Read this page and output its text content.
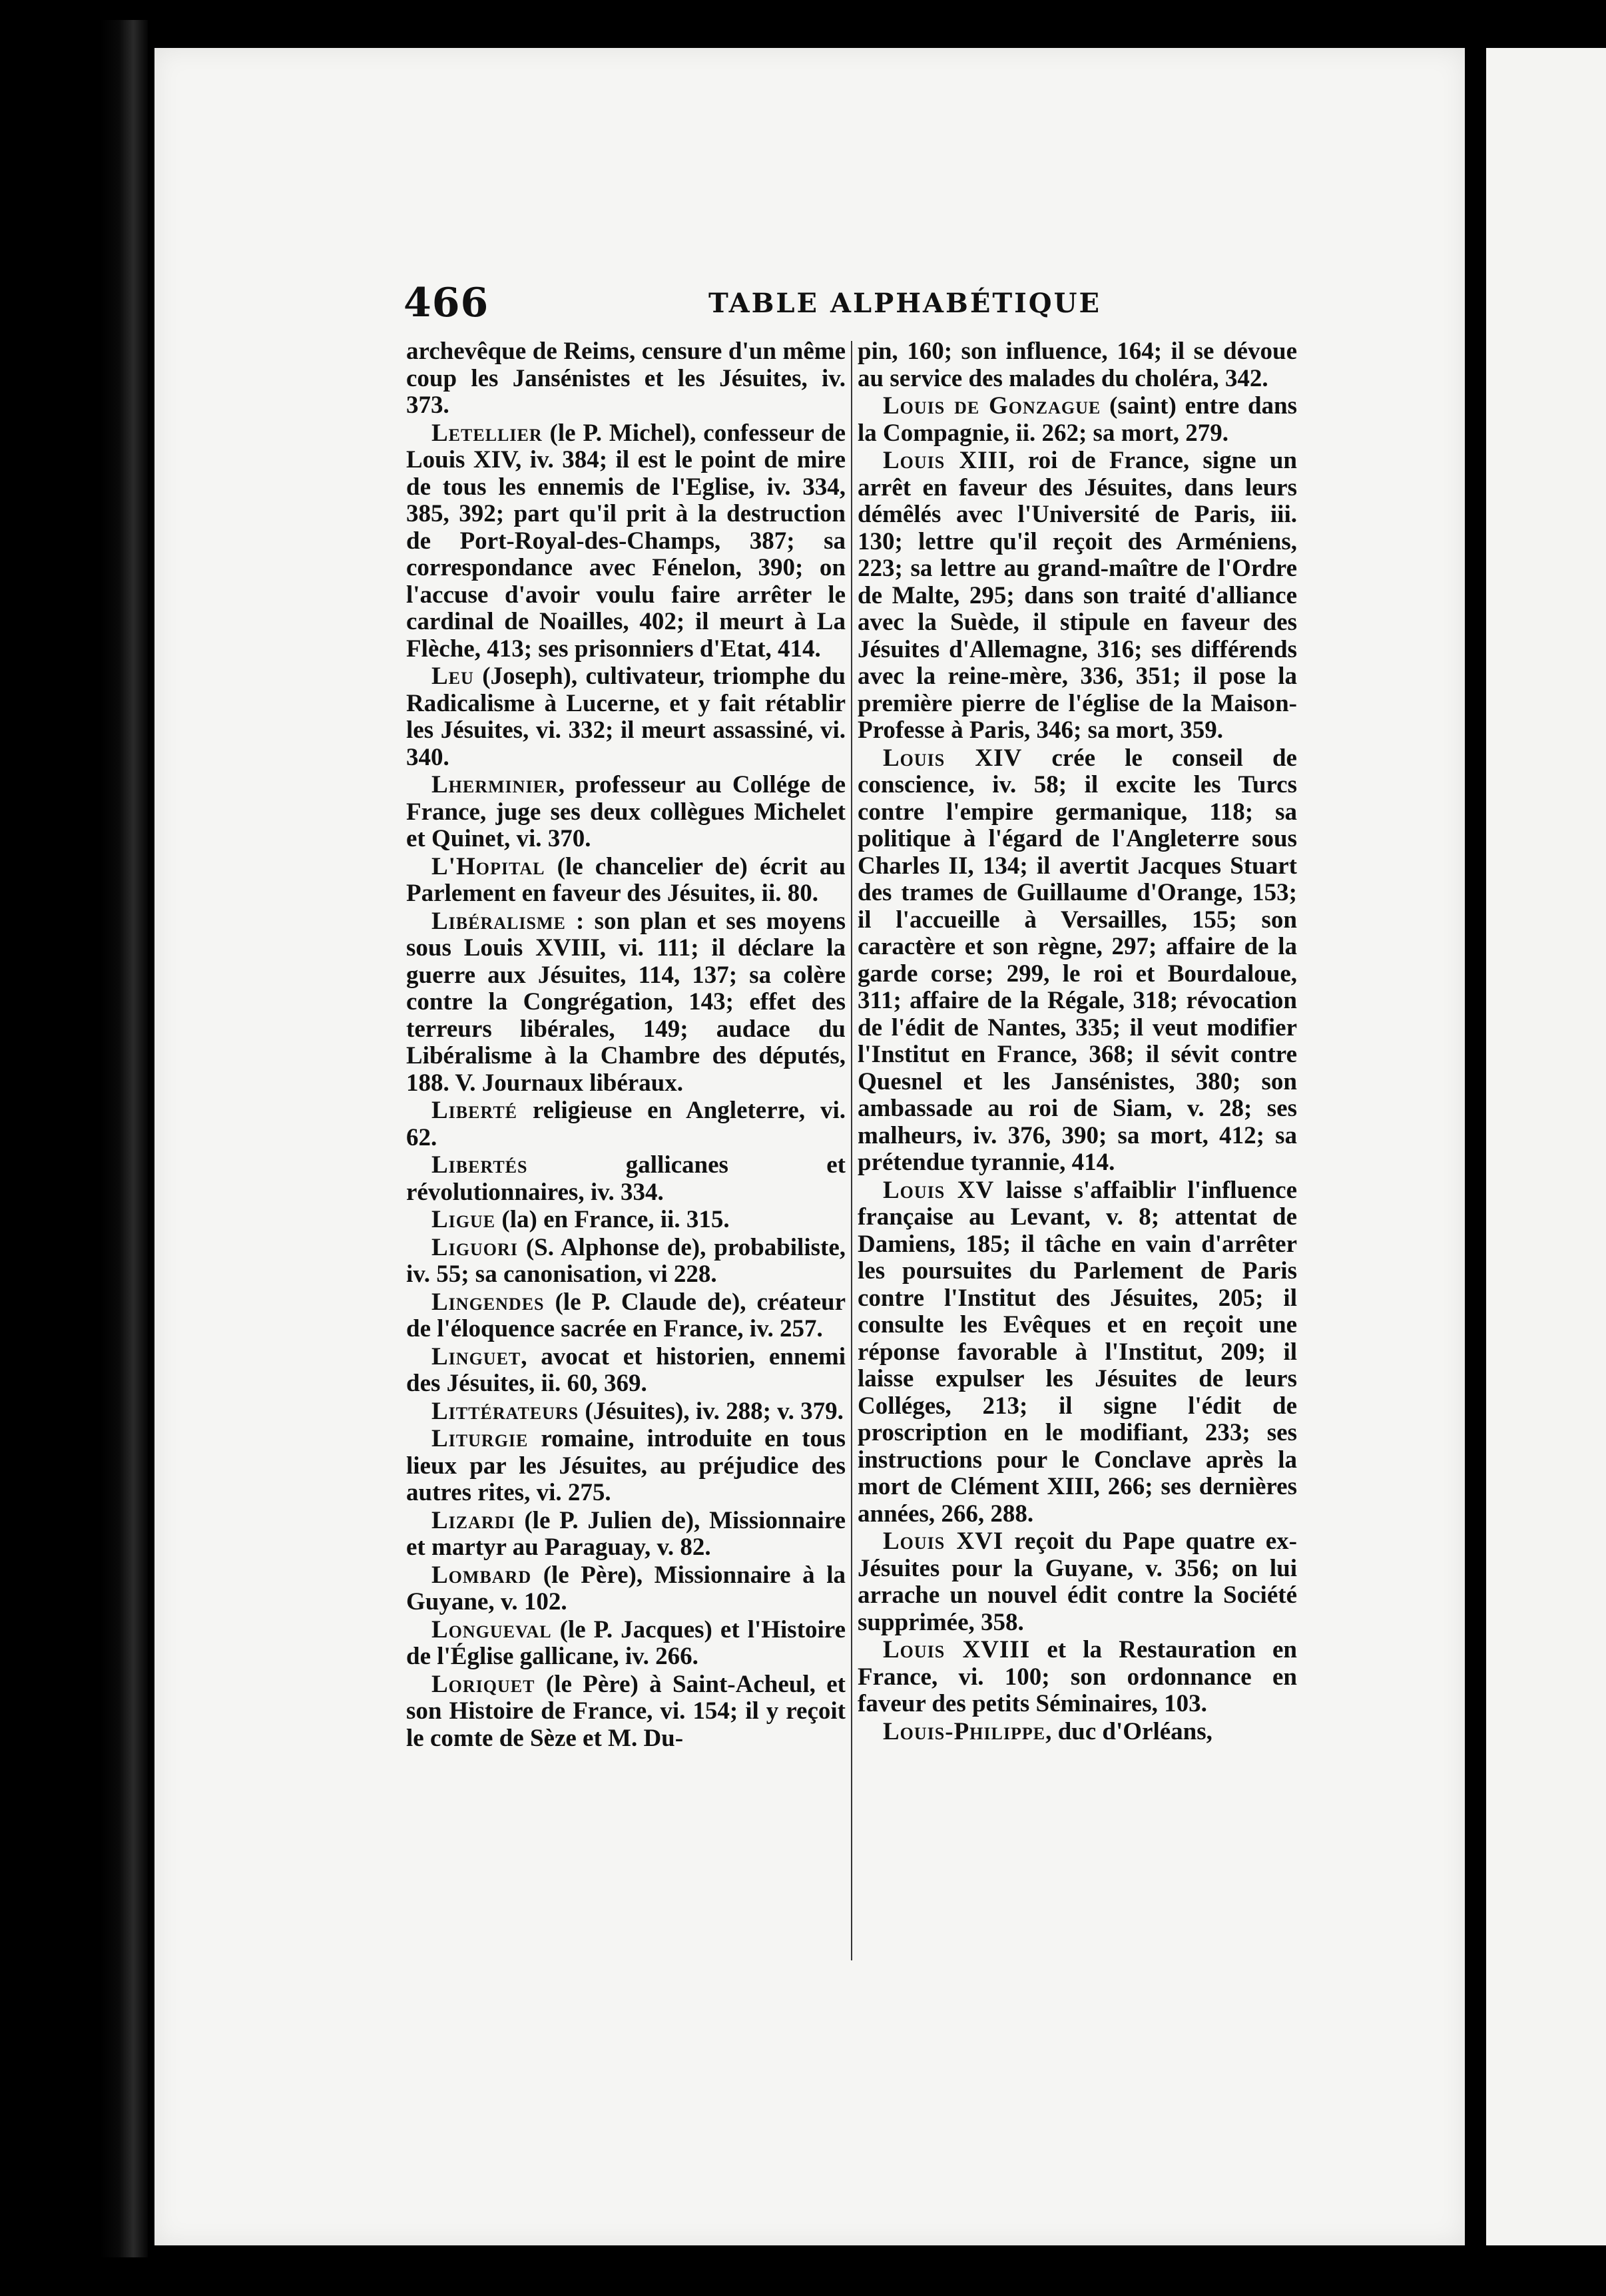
466	TABLE ALPHABÉTIQUE

archevêque de Reims, censure d'un même coup les Jansénistes et les Jésuites, iv. 373.

Letellier (le P. Michel), confesseur de Louis XIV, iv. 384; il est le point de mire de tous les ennemis de l'Eglise, iv. 334, 385, 392; part qu'il prit à la destruction de Port-Royal-des-Champs, 387; sa correspondance avec Fénelon, 390; on l'accuse d'avoir voulu faire arrêter le cardinal de Noailles, 402; il meurt à La Flèche, 413; ses prisonniers d'Etat, 414.

Leu (Joseph), cultivateur, triomphe du Radicalisme à Lucerne, et y fait rétablir les Jésuites, vi. 332; il meurt assassiné, vi. 340.

Lherminier, professeur au Collége de France, juge ses deux collègues Michelet et Quinet, vi. 370.

L'Hopital (le chancelier de) écrit au Parlement en faveur des Jésuites, ii. 80.

Libéralisme : son plan et ses moyens sous Louis XVIII, vi. 111; il déclare la guerre aux Jésuites, 114, 137; sa colère contre la Congrégation, 143; effet des terreurs libérales, 149; audace du Libéralisme à la Chambre des députés, 188. V. Journaux libéraux.

Liberté religieuse en Angleterre, vi. 62.

Libertés gallicanes et révolutionnaires, iv. 334.

Ligue (la) en France, ii. 315.

Liguori (S. Alphonse de), probabiliste, iv. 55; sa canonisation, vi 228.

Lingendes (le P. Claude de), créateur de l'éloquence sacrée en France, iv. 257.

Linguet, avocat et historien, ennemi des Jésuites, ii. 60, 369.

Littérateurs (Jésuites), iv. 288; v. 379.

Liturgie romaine, introduite en tous lieux par les Jésuites, au préjudice des autres rites, vi. 275.

Lizardi (le P. Julien de), Missionnaire et martyr au Paraguay, v. 82.

Lombard (le Père), Missionnaire à la Guyane, v. 102.

Longueval (le P. Jacques) et l'Histoire de l'Église gallicane, iv. 266.

Loriquet (le Père) à Saint-Acheul, et son Histoire de France, vi. 154; il y reçoit le comte de Sèze et M. Du-

pin, 160; son influence, 164; il se dévoue au service des malades du choléra, 342.

Louis de Gonzague (saint) entre dans la Compagnie, ii. 262; sa mort, 279.

Louis XIII, roi de France, signe un arrêt en faveur des Jésuites, dans leurs démêlés avec l'Université de Paris, iii. 130; lettre qu'il reçoit des Arméniens, 223; sa lettre au grand-maître de l'Ordre de Malte, 295; dans son traité d'alliance avec la Suède, il stipule en faveur des Jésuites d'Allemagne, 316; ses différends avec la reine-mère, 336, 351; il pose la première pierre de l'église de la Maison-Professe à Paris, 346; sa mort, 359.

Louis XIV crée le conseil de conscience, iv. 58; il excite les Turcs contre l'empire germanique, 118; sa politique à l'égard de l'Angleterre sous Charles II, 134; il avertit Jacques Stuart des trames de Guillaume d'Orange, 153; il l'accueille à Versailles, 155; son caractère et son règne, 297; affaire de la garde corse; 299, le roi et Bourdaloue, 311; affaire de la Régale, 318; révocation de l'édit de Nantes, 335; il veut modifier l'Institut en France, 368; il sévit contre Quesnel et les Jansénistes, 380; son ambassade au roi de Siam, v. 28; ses malheurs, iv. 376, 390; sa mort, 412; sa prétendue tyrannie, 414.

Louis XV laisse s'affaiblir l'influence française au Levant, v. 8; attentat de Damiens, 185; il tâche en vain d'arrêter les poursuites du Parlement de Paris contre l'Institut des Jésuites, 205; il consulte les Evêques et en reçoit une réponse favorable à l'Institut, 209; il laisse expulser les Jésuites de leurs Colléges, 213; il signe l'édit de proscription en le modifiant, 233; ses instructions pour le Conclave après la mort de Clément XIII, 266; ses dernières années, 266, 288.

Louis XVI reçoit du Pape quatre ex-Jésuites pour la Guyane, v. 356; on lui arrache un nouvel édit contre la Société supprimée, 358.

Louis XVIII et la Restauration en France, vi. 100; son ordonnance en faveur des petits Séminaires, 103.

Louis-Philippe, duc d'Orléans,
